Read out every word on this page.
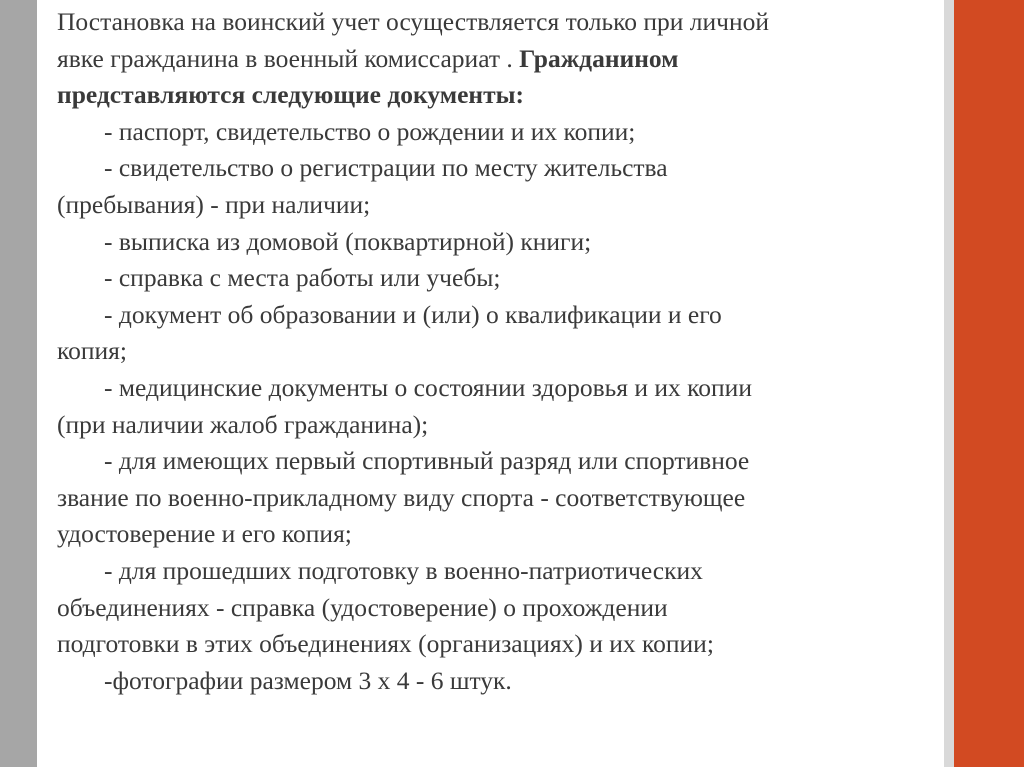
Постановка на воинский учет осуществляется только при личной
явке гражданина в военный комиссариат . Гражданином
представляются следующие документы:
- паспорт, свидетельство о рождении и их копии;
- свидетельство о регистрации по месту жительства
(пребывания) - при наличии;
- выписка из домовой (поквартирной) книги;
- справка с места работы или учебы;
- документ об образовании и (или) о квалификации и его
копия;
- медицинские документы о состоянии здоровья и их копии
(при наличии жалоб гражданина);
- для имеющих первый спортивный разряд или спортивное
звание по военно-прикладному виду спорта - соответствующее
удостоверение и его копия;
- для прошедших подготовку в военно-патриотических
объединениях - справка (удостоверение) о прохождении
подготовки в этих объединениях (организациях) и их копии;
-фотографии размером 3 х 4 - 6 штук.
